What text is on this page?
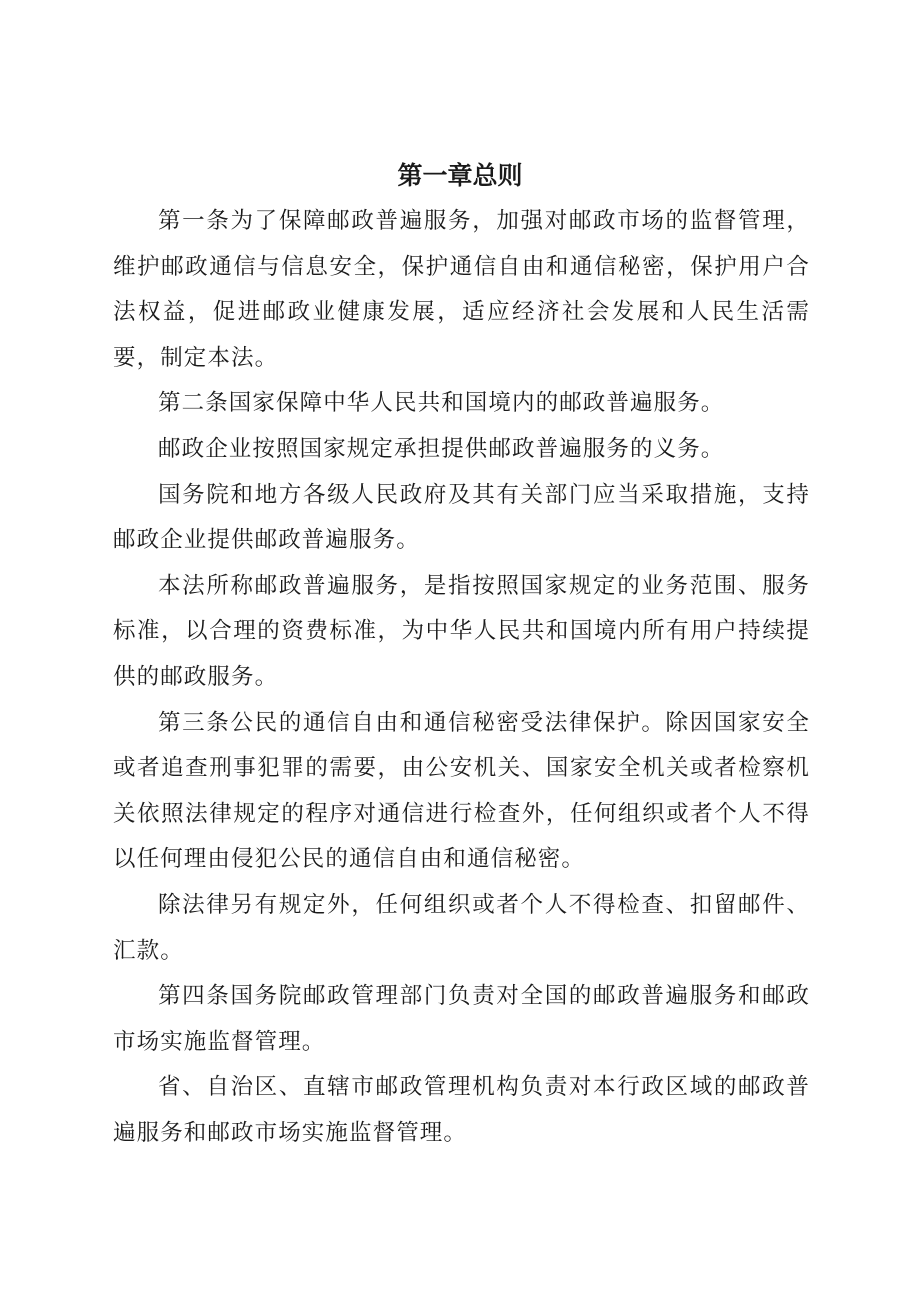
第一章总则

第一条为了保障邮政普遍服务，加强对邮政市场的监督管理，维护邮政通信与信息安全，保护通信自由和通信秘密，保护用户合法权益，促进邮政业健康发展，适应经济社会发展和人民生活需要，制定本法。

第二条国家保障中华人民共和国境内的邮政普遍服务。

邮政企业按照国家规定承担提供邮政普遍服务的义务。

国务院和地方各级人民政府及其有关部门应当采取措施，支持邮政企业提供邮政普遍服务。

本法所称邮政普遍服务，是指按照国家规定的业务范围、服务标准，以合理的资费标准，为中华人民共和国境内所有用户持续提供的邮政服务。

第三条公民的通信自由和通信秘密受法律保护。除因国家安全或者追查刑事犯罪的需要，由公安机关、国家安全机关或者检察机关依照法律规定的程序对通信进行检查外，任何组织或者个人不得以任何理由侵犯公民的通信自由和通信秘密。

除法律另有规定外，任何组织或者个人不得检查、扣留邮件、汇款。

第四条国务院邮政管理部门负责对全国的邮政普遍服务和邮政市场实施监督管理。

省、自治区、直辖市邮政管理机构负责对本行政区域的邮政普遍服务和邮政市场实施监督管理。
